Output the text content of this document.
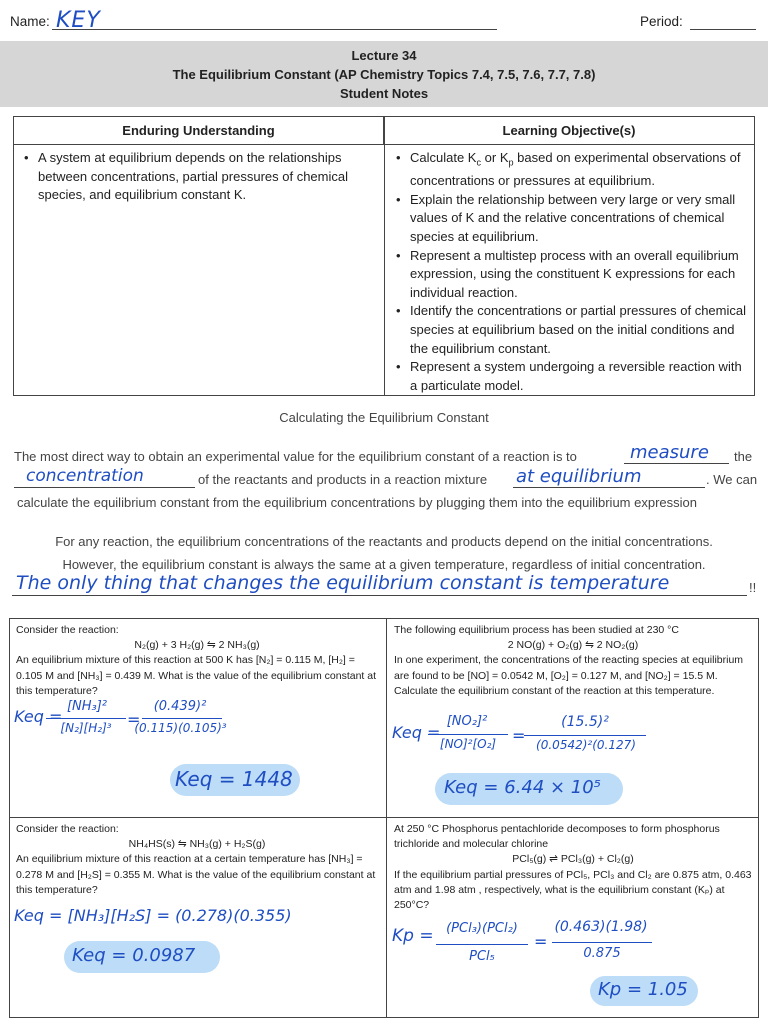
Name: KEY	Period:
Lecture 34
The Equilibrium Constant (AP Chemistry Topics 7.4, 7.5, 7.6, 7.7, 7.8)
Student Notes
Enduring Understanding	Learning Objective(s)
• A system at equilibrium depends on the relationships between concentrations, partial pressures of chemical species, and equilibrium constant K.
• Calculate $K_c$ or $K_p$ based on experimental observations of concentrations or pressures at equilibrium.
• Explain the relationship between very large or very small values of K and the relative concentrations of chemical species at equilibrium.
• Represent a multistep process with an overall equilibrium expression, using the constituent K expressions for each individual reaction.
• Identify the concentrations or partial pressures of chemical species at equilibrium based on the initial conditions and the equilibrium constant.
• Represent a system undergoing a reversible reaction with a particulate model.
Calculating the Equilibrium Constant
The most direct way to obtain an experimental value for the equilibrium constant of a reaction is to	measure the
concentration	of the reactants and products in a reaction mixture at equilibrium	. We can
calculate the equilibrium constant from the equilibrium concentrations by plugging them into the equilibrium expression
For any reaction, the equilibrium concentrations of the reactants and products depend on the initial concentrations.
However, the equilibrium constant is always the same at a given temperature, regardless of initial concentration.
The only thing that changes the equilibrium constant is temperature	!!
Consider the reaction:
N₂(g) + 3 H₂(g) ⇋ 2 NH₃(g)
An equilibrium mixture of this reaction at 500 K has [N₂] = 0.115 M, [H₂] = 0.105 M and [NH₃] = 0.439 M. What is the value of the equilibrium constant at this temperature?
Keq =
[NH₃]²
[N₂][H₂]³ =
(0.439)²
(0.115)(0.105)³
Keq = 1448
The following equilibrium process has been studied at 230 °C
2 NO(g) + O₂(g) ⇋ 2 NO₂(g)
In one experiment, the concentrations of the reacting species at equilibrium are found to be [NO] = 0.0542 M, [O₂] = 0.127 M, and [NO₂] = 15.5 M. Calculate the equilibrium constant of the reaction at this temperature.
Keq =
[NO₂]²
[NO]²[O₂] =
(15.5)²
(0.0542)²(0.127)
Keq = 6.44 × 10⁵
Consider the reaction:
NH₄HS(s) ⇋ NH₃(g) + H₂S(g)
An equilibrium mixture of this reaction at a certain temperature has [NH₃] = 0.278 M and [H₂S] = 0.355 M. What is the value of the equilibrium constant at this temperature?
Keq = [NH₃][H₂S] = (0.278)(0.355)
Keq = 0.0987
At 250 °C Phosphorus pentachloride decomposes to form phosphorus trichloride and molecular chlorine
PCl₅(g) ⇌ PCl₃(g) + Cl₂(g)
If the equilibrium partial pressures of PCl₅, PCl₃ and Cl₂ are 0.875 atm, 0.463 atm and 1.98 atm , respectively, what is the equilibrium constant (Kₚ) at 250°C?
Kp = (PCl₃)(PCl₂)
PCl₅
=
(0.463)(1.98)
0.875
Kp = 1.05
